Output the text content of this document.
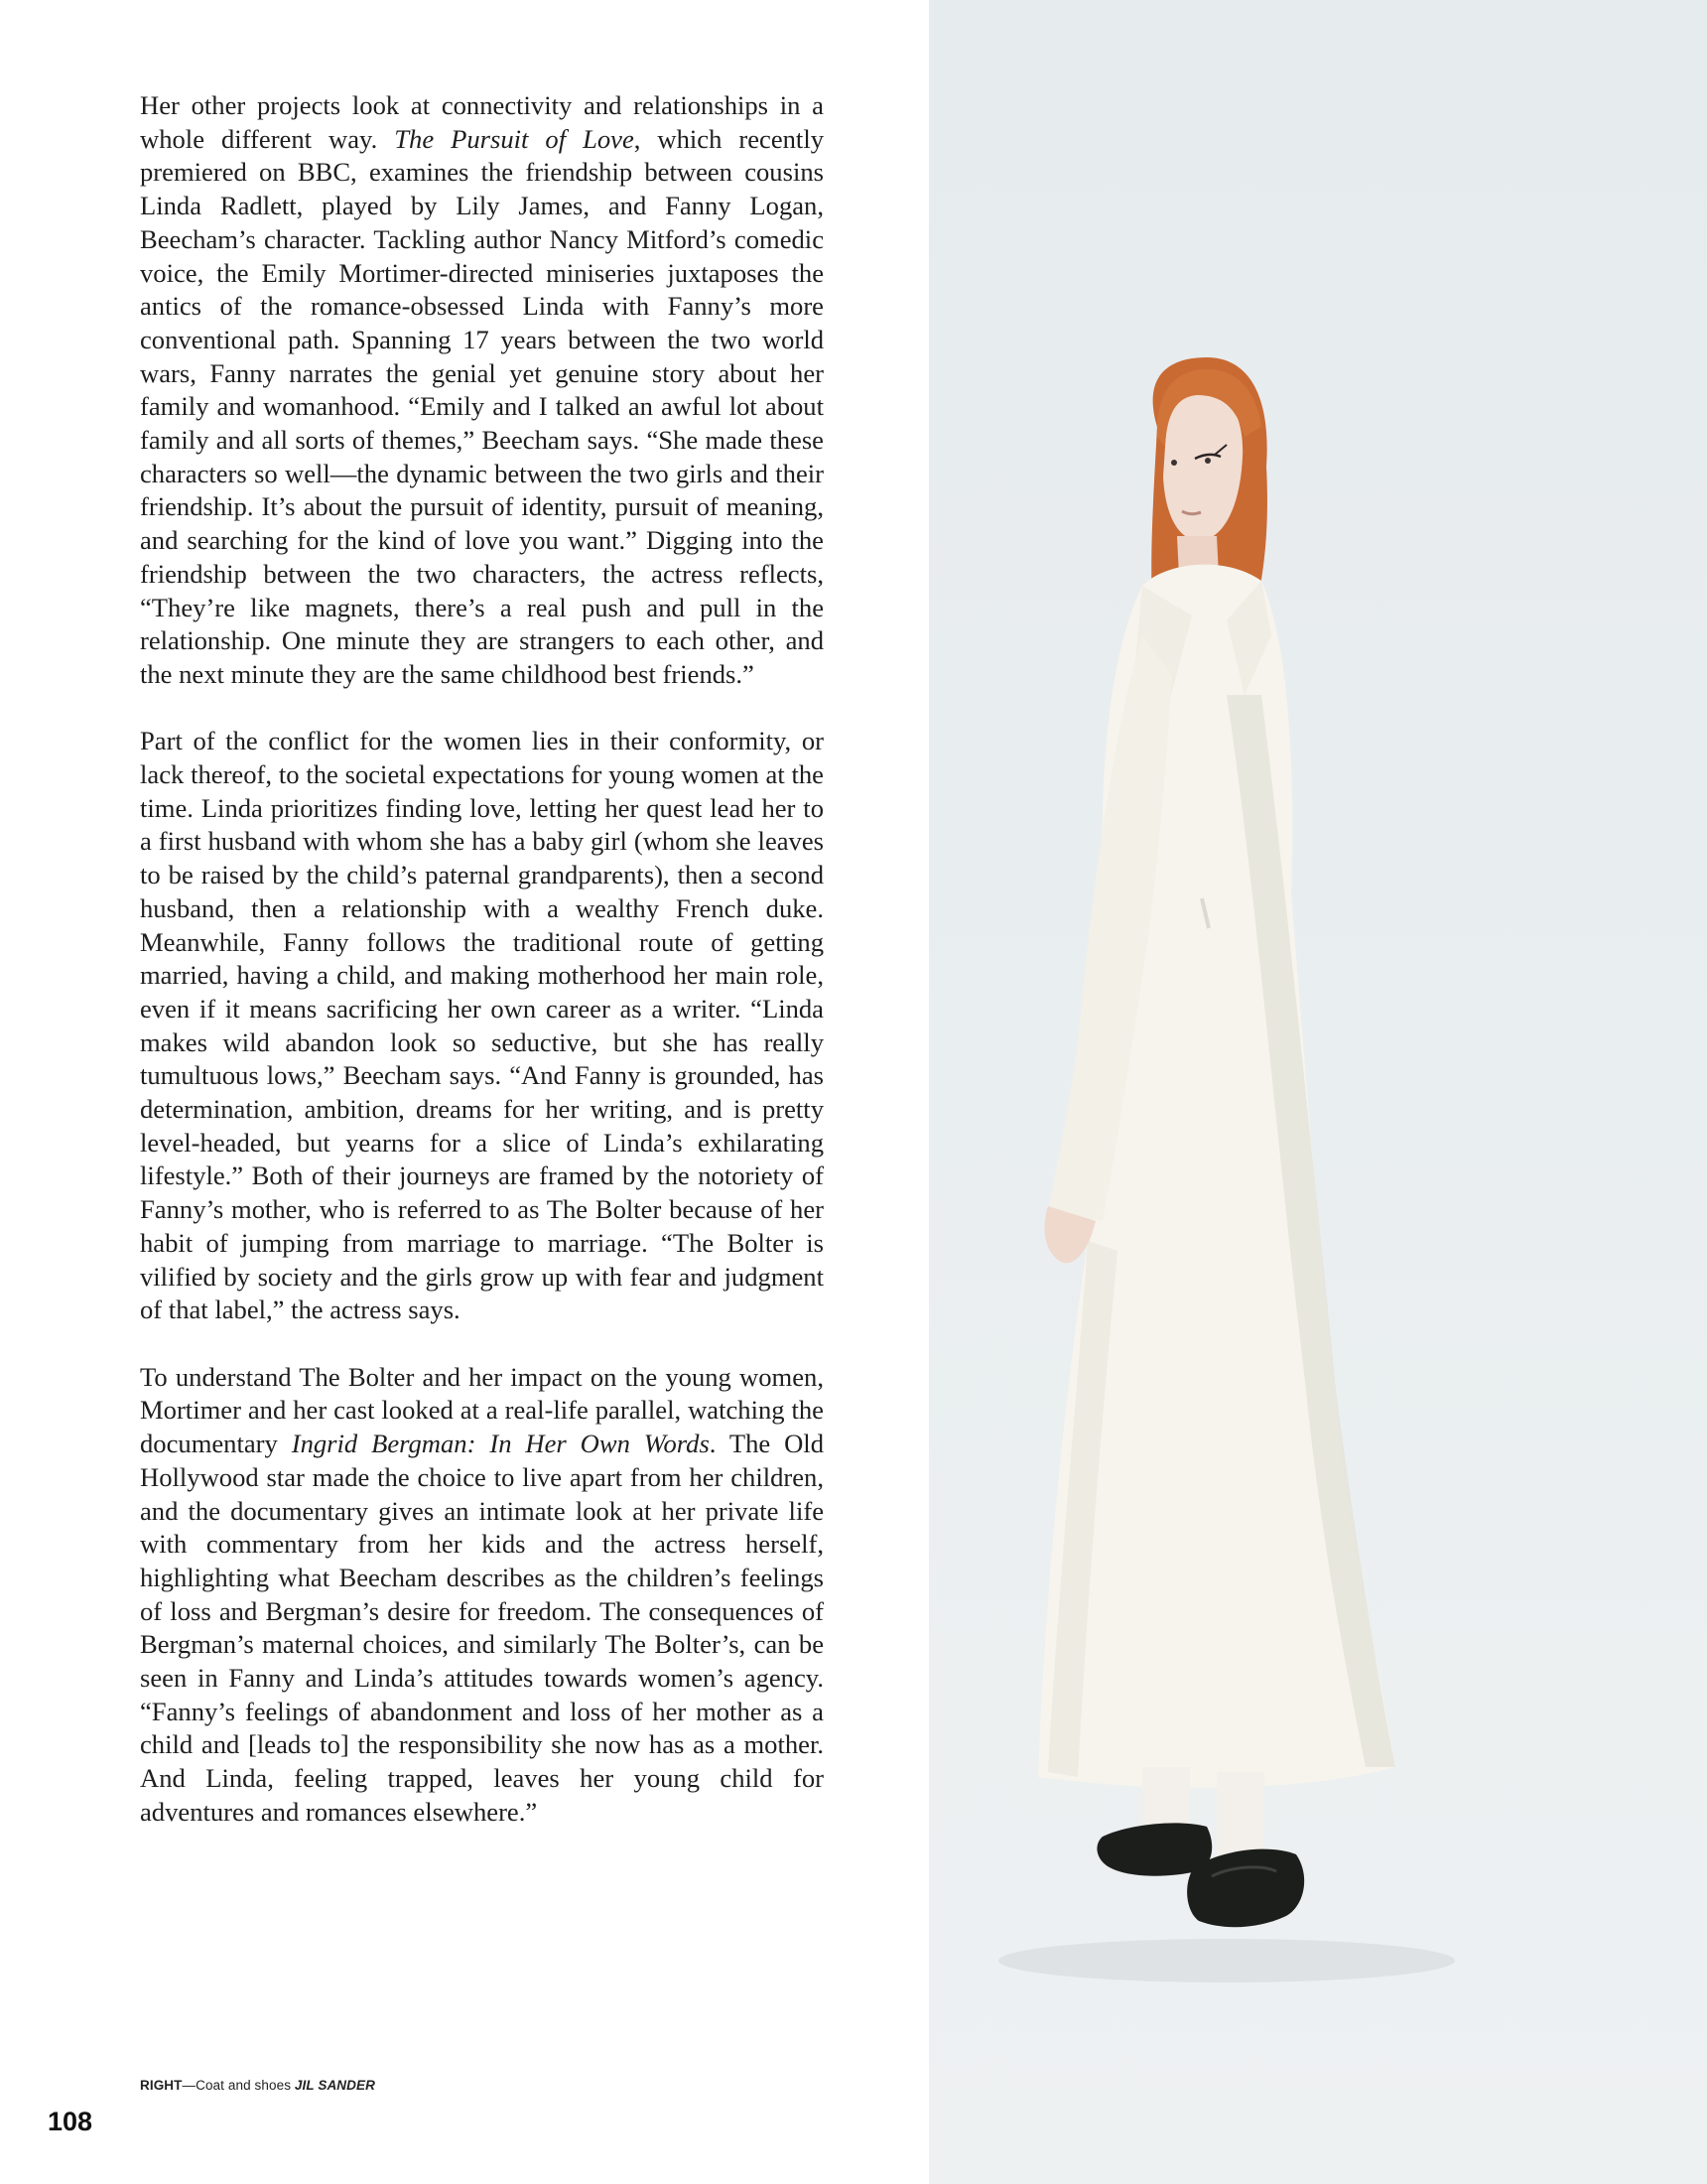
Her other projects look at connectivity and relationships in a whole different way. The Pursuit of Love, which recently premiered on BBC, examines the friendship between cousins Linda Radlett, played by Lily James, and Fanny Logan, Beecham’s character. Tackling author Nancy Mitford’s comedic voice, the Emily Mortimer-directed miniseries juxtaposes the antics of the romance-obsessed Linda with Fanny’s more conventional path. Spanning 17 years between the two world wars, Fanny narrates the genial yet genuine story about her family and womanhood. “Emily and I talked an awful lot about family and all sorts of themes,” Beecham says. “She made these characters so well—the dynamic between the two girls and their friendship. It’s about the pursuit of identity, pursuit of meaning, and searching for the kind of love you want.” Digging into the friendship between the two characters, the actress reflects, “They’re like magnets, there’s a real push and pull in the relationship. One minute they are strangers to each other, and the next minute they are the same childhood best friends.”

Part of the conflict for the women lies in their conformity, or lack thereof, to the societal expectations for young women at the time. Linda prioritizes finding love, letting her quest lead her to a first husband with whom she has a baby girl (whom she leaves to be raised by the child’s paternal grandparents), then a second husband, then a relationship with a wealthy French duke. Meanwhile, Fanny follows the traditional route of getting married, having a child, and making motherhood her main role, even if it means sacrificing her own career as a writer. “Linda makes wild abandon look so seductive, but she has really tumultuous lows,” Beecham says. “And Fanny is grounded, has determination, ambition, dreams for her writing, and is pretty level-headed, but yearns for a slice of Linda’s exhilarating lifestyle.” Both of their journeys are framed by the notoriety of Fanny’s mother, who is referred to as The Bolter because of her habit of jumping from marriage to marriage. “The Bolter is vilified by society and the girls grow up with fear and judgment of that label,” the actress says.

To understand The Bolter and her impact on the young women, Mortimer and her cast looked at a real-life parallel, watching the documentary Ingrid Bergman: In Her Own Words. The Old Hollywood star made the choice to live apart from her children, and the documentary gives an intimate look at her private life with commentary from her kids and the actress herself, highlighting what Beecham describes as the children’s feelings of loss and Bergman’s desire for freedom. The consequences of Bergman’s maternal choices, and similarly The Bolter’s, can be seen in Fanny and Linda’s attitudes towards women’s agency. “Fanny’s feelings of abandonment and loss of her mother as a child and [leads to] the responsibility she now has as a mother. And Linda, feeling trapped, leaves her young child for adventures and romances elsewhere.”

RIGHT—Coat and shoes JIL SANDER
108
